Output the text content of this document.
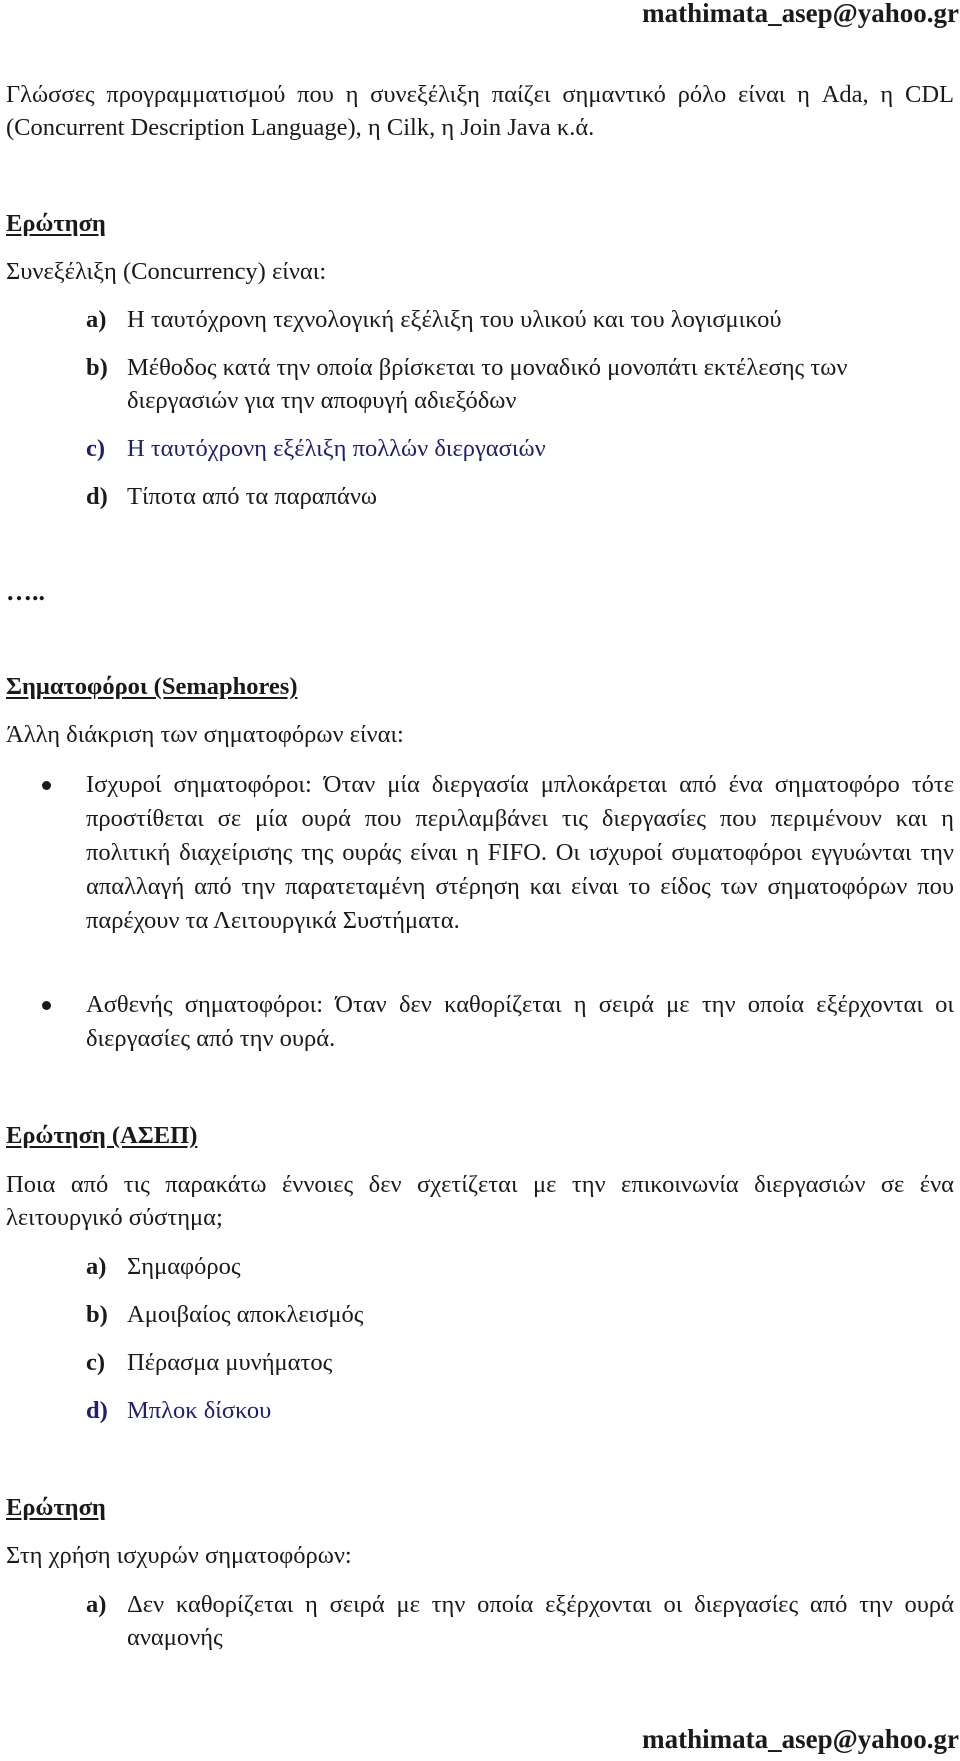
mathimata_asep@yahoo.gr
Γλώσσες προγραμματισμού που η συνεξέλιξη παίζει σημαντικό ρόλο είναι η Ada, η CDL (Concurrent Description Language), η Cilk, η Join Java κ.ά.
Ερώτηση
Συνεξέλιξη (Concurrency) είναι:
a) Η ταυτόχρονη τεχνολογική εξέλιξη του υλικού και του λογισμικού
b) Μέθοδος κατά την οποία βρίσκεται το μοναδικό μονοπάτι εκτέλεσης των διεργασιών για την αποφυγή αδιεξόδων
c) Η ταυτόχρονη εξέλιξη πολλών διεργασιών
d) Τίποτα από τα παραπάνω
…..
Σηματοφόροι (Semaphores)
Άλλη διάκριση των σηματοφόρων είναι:
Ισχυροί σηματοφόροι: Όταν μία διεργασία μπλοκάρεται από ένα σηματοφόρο τότε προστίθεται σε μία ουρά που περιλαμβάνει τις διεργασίες που περιμένουν και η πολιτική διαχείρισης της ουράς είναι η FIFO. Οι ισχυροί συματοφόροι εγγυώνται την απαλλαγή από την παρατεταμένη στέρηση και είναι το είδος των σηματοφόρων που παρέχουν τα Λειτουργικά Συστήματα.
Ασθενής σηματοφόροι: Όταν δεν καθορίζεται η σειρά με την οποία εξέρχονται οι διεργασίες από την ουρά.
Ερώτηση (ΑΣΕΠ)
Ποια από τις παρακάτω έννοιες δεν σχετίζεται με την επικοινωνία διεργασιών σε ένα λειτουργικό σύστημα;
a) Σημαφόρος
b) Αμοιβαίος αποκλεισμός
c) Πέρασμα μυνήματος
d) Μπλοκ δίσκου
Ερώτηση
Στη χρήση ισχυρών σηματοφόρων:
a) Δεν καθορίζεται η σειρά με την οποία εξέρχονται οι διεργασίες από την ουρά αναμονής
mathimata_asep@yahoo.gr
